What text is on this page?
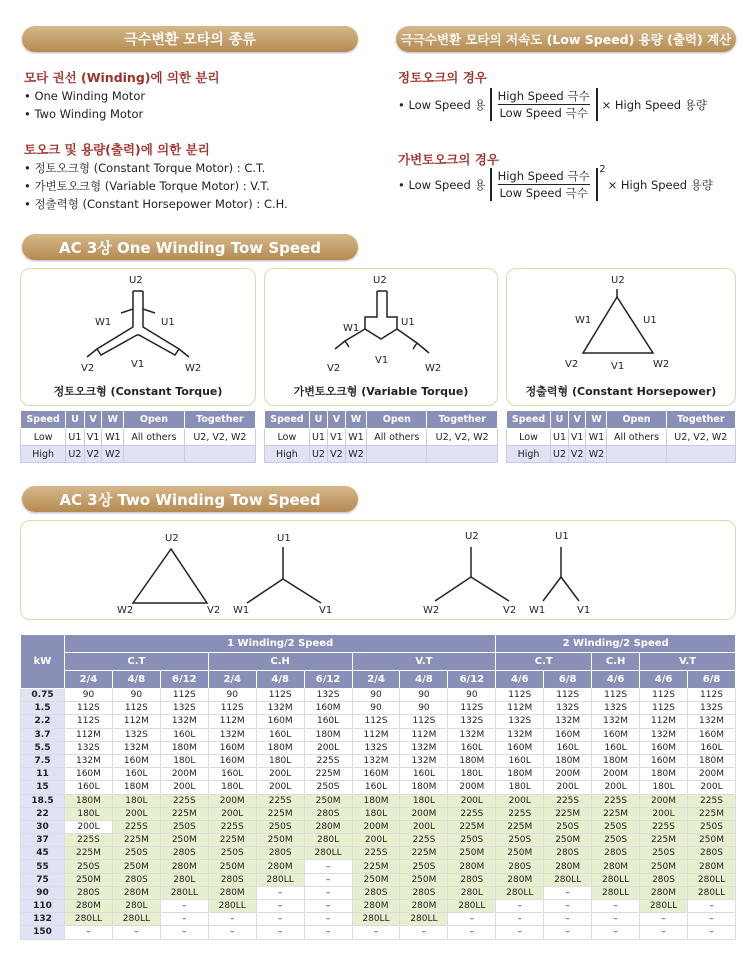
극수변환 모타의 종류	극극수변환 모타의 저속도 (Low Speed) 용량 (출력) 계산
모타 권선 (Winding)에 의한 분리
• One Winding Motor
• Two Winding Motor
토오크 및 용량(출력)에 의한 분리
• 정토오크형 (Constant Torque Motor) : C.T.
• 가변토오크형 (Variable Torque Motor) : V.T.
• 정출력형 (Constant Horsepower Motor) : C.H.
정토오크의 경우
• Low Speed 용
High Speed 극수
Low Speed 극수
× High Speed 용량
가변토오크의 경우
• Low Speed 용
High Speed 극수
Low Speed 극수
2
× High Speed 용량
AC 3상 One Winding Tow Speed
U2
W1	U1
V1
V2	W2
정토오크형 (Constant Torque)
U2
W1
U1
V1
V2	W2
가변토오크형 (Variable Torque)
U2
W1	U1
V1
V2	W2
정출력형 (Constant Horsepower)
Speed	U	V	W	Open	Together
Low	U1	V1	W1	All others	U2, V2, W2
High	U2	V2	W2		
Speed	U	V	W	Open	Together
Low	U1	V1	W1	All others	U2, V2, W2
High	U2	V2	W2		
Speed	U	V	W	Open	Together
Low	U1	V1	W1	All others	U2, V2, W2
High	U2	V2	W2		
AC 3상 Two Winding Tow Speed
U2
W2	V2
U1
W1	V1
U2
W2	V2
U1
W1	V1
kW	1 Winding/2 Speed									2 Winding/2 Speed				
	C.T			C.H			V.T			C.T		C.H	V.T	
	2/4	4/8	6/12	2/4	4/8	6/12	2/4	4/8	6/12	4/6	6/8	4/6	4/6	6/8
0.75	90	90	112S	90	112S	132S	90	90	90	112S	112S	112S	112S	112S
1.5	112S	112S	132S	112S	132M	160M	90	90	112S	112M	132S	132S	112S	132S
2.2	112S	112M	132M	112M	160M	160L	112S	112S	132S	132S	132M	132M	112M	132M
3.7	112M	132S	160L	132M	160L	180M	112M	112M	132M	132M	160M	160M	132M	160M
5.5	132S	132M	180M	160M	180M	200L	132S	132M	160L	160M	160L	160L	160M	160L
7.5	132M	160M	180L	160M	180L	225S	132M	132M	180M	160L	180M	180M	160M	180M
11	160M	160L	200M	160L	200L	225M	160M	160L	180L	180M	200M	200M	180M	200M
15	160L	180M	200L	180L	200L	250S	160L	180M	200M	180L	200L	200L	180L	200L
18.5	180M	180L	225S	200M	225S	250M	180M	180L	200L	200L	225S	225S	200M	225S
22	180L	200L	225M	200L	225M	280S	180L	200M	225S	225S	225M	225M	200L	225M
30	200L	225S	250S	225S	250S	280M	200M	200L	225M	225M	250S	250S	225S	250S
37	225S	225M	250M	225M	250M	280L	200L	225S	250S	250S	250M	250S	225M	250M
45	225M	250S	280S	250S	280S	280LL	225S	225M	250M	250M	280S	280S	250S	280S
55	250S	250M	280M	250M	280M	–	225M	250S	280M	280S	280M	280M	250M	280M
75	250M	280S	280L	280S	280LL	–	250M	250M	280S	280M	280LL	280LL	280S	280LL
90	280S	280M	280LL	280M	–	–	280S	280S	280L	280LL	–	280LL	280M	280LL
110	280M	280L	–	280LL	–	–	280M	280M	280LL	–	–	–	280LL	–
132	280LL	280LL	–	–	–	–	280LL	280LL	–	–	–	–	–	–
150	–	–	–	–	–	–	–	–	–	–	–	–	–	–
